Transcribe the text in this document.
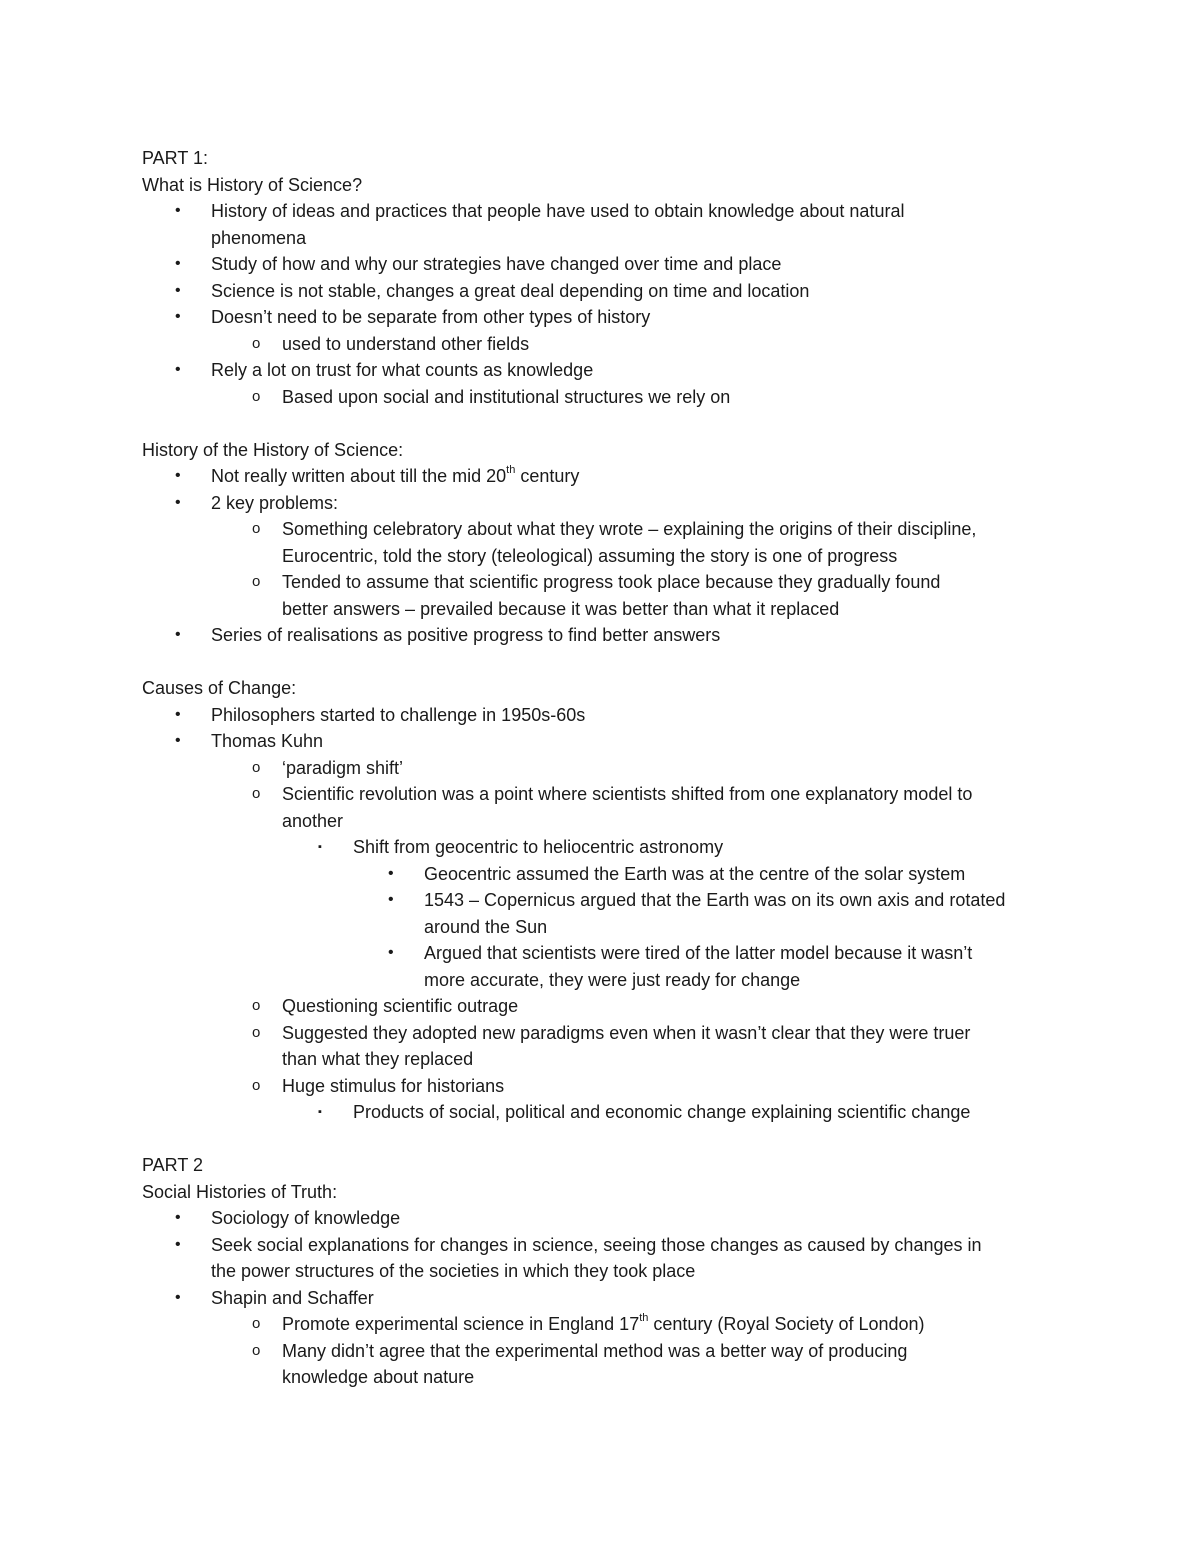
PART 1:
What is History of Science?
• History of ideas and practices that people have used to obtain knowledge about natural
phenomena
• Study of how and why our strategies have changed over time and place
• Science is not stable, changes a great deal depending on time and location
• Doesn’t need to be separate from other types of history
o used to understand other fields
• Rely a lot on trust for what counts as knowledge
o Based upon social and institutional structures we rely on
History of the History of Science:
• Not really written about till the mid 20th century
• 2 key problems:
o Something celebratory about what they wrote – explaining the origins of their discipline,
Eurocentric, told the story (teleological) assuming the story is one of progress
o Tended to assume that scientific progress took place because they gradually found
better answers – prevailed because it was better than what it replaced
• Series of realisations as positive progress to find better answers
Causes of Change:
• Philosophers started to challenge in 1950s-60s
• Thomas Kuhn
o ‘paradigm shift’
o Scientific revolution was a point where scientists shifted from one explanatory model to
another
▪ Shift from geocentric to heliocentric astronomy
• Geocentric assumed the Earth was at the centre of the solar system
• 1543 – Copernicus argued that the Earth was on its own axis and rotated
around the Sun
• Argued that scientists were tired of the latter model because it wasn’t
more accurate, they were just ready for change
o Questioning scientific outrage
o Suggested they adopted new paradigms even when it wasn’t clear that they were truer
than what they replaced
o Huge stimulus for historians
▪ Products of social, political and economic change explaining scientific change
PART 2
Social Histories of Truth:
• Sociology of knowledge
• Seek social explanations for changes in science, seeing those changes as caused by changes in
the power structures of the societies in which they took place
• Shapin and Schaffer
o Promote experimental science in England 17th century (Royal Society of London)
o Many didn’t agree that the experimental method was a better way of producing
knowledge about nature
